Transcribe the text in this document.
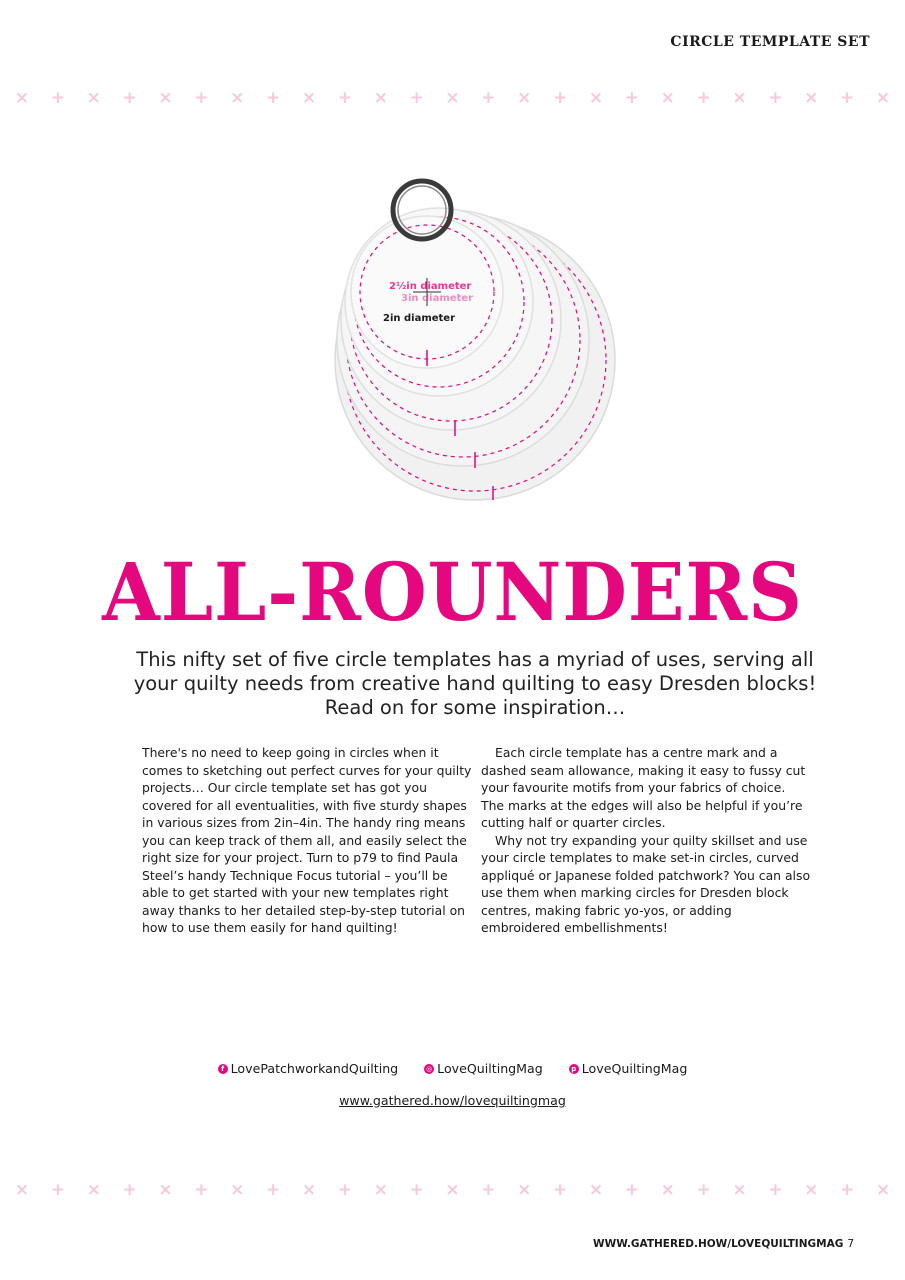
CIRCLE TEMPLATE SET
× + × + × + × + × + × + × + × + × + × + × + × + ×
2½in diameter
3in diameter
2in diameter
ALL-ROUNDERS
This nifty set of five circle templates has a myriad of uses, serving all your quilty needs from creative hand quilting to easy Dresden blocks! Read on for some inspiration…

There's no need to keep going in circles when it comes to sketching out perfect curves for your quilty projects… Our circle template set has got you covered for all eventualities, with five sturdy shapes in various sizes from 2in–4in. The handy ring means you can keep track of them all, and easily select the right size for your project. Turn to p79 to find Paula Steel’s handy Technique Focus tutorial – you’ll be able to get started with your new templates right away thanks to her detailed step-by-step tutorial on how to use them easily for hand quilting!

Each circle template has a centre mark and a dashed seam allowance, making it easy to fussy cut your favourite motifs from your fabrics of choice. The marks at the edges will also be helpful if you’re cutting half or quarter circles.

Why not try expanding your quilty skillset and use your circle templates to make set-in circles, curved appliqué or Japanese folded patchwork? You can also use them when marking circles for Dresden block centres, making fabric yo-yos, or adding embroidered embellishments!

f LovePatchworkandQuilting	◎ LoveQuiltingMag	p LoveQuiltingMag
www.gathered.how/lovequiltingmag
× + × + × + × + × + × + × + × + × + × + × + × + ×
WWW.GATHERED.HOW/LOVEQUILTINGMAG 7
